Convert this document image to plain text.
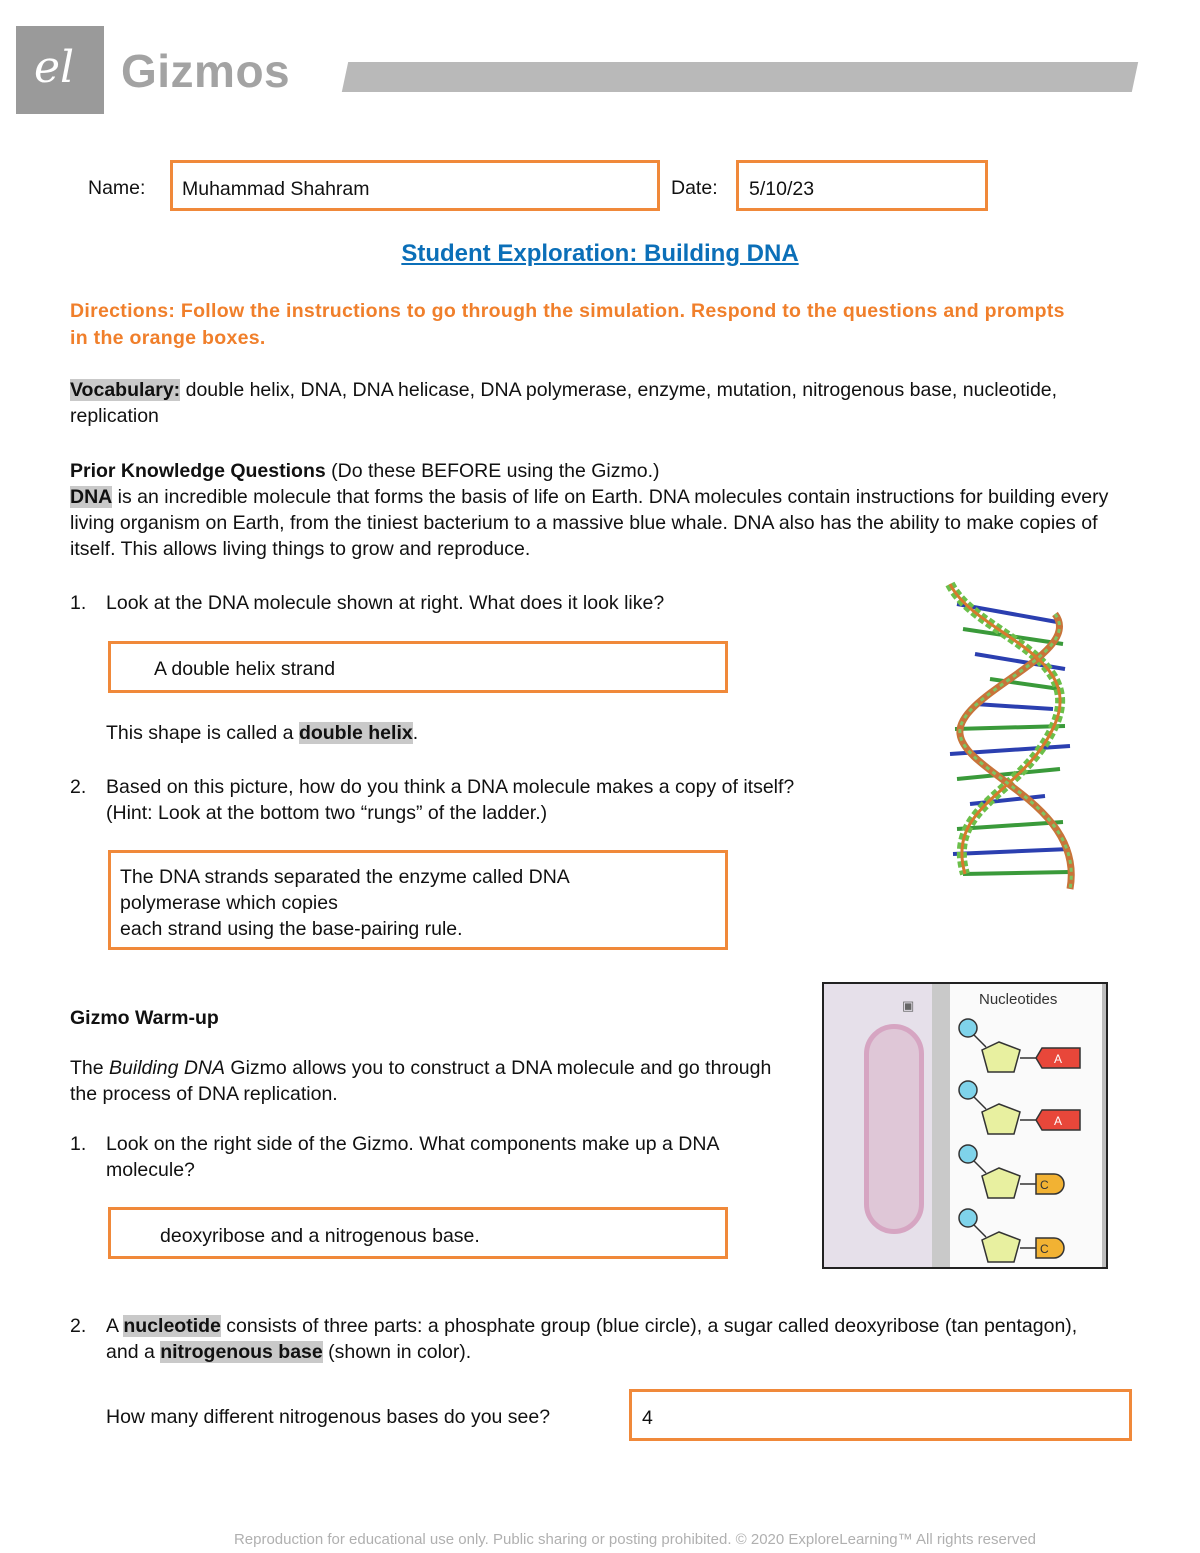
el Gizmos
Name: Muhammad Shahram	Date: 5/10/23
Student Exploration: Building DNA
Directions: Follow the instructions to go through the simulation. Respond to the questions and prompts in the orange boxes.
Vocabulary: double helix, DNA, DNA helicase, DNA polymerase, enzyme, mutation, nitrogenous base, nucleotide, replication
Prior Knowledge Questions (Do these BEFORE using the Gizmo.)
DNA is an incredible molecule that forms the basis of life on Earth. DNA molecules contain instructions for building every living organism on Earth, from the tiniest bacterium to a massive blue whale. DNA also has the ability to make copies of itself. This allows living things to grow and reproduce.
1. Look at the DNA molecule shown at right. What does it look like?
A double helix strand
This shape is called a double helix.
2. Based on this picture, how do you think a DNA molecule makes a copy of itself?
(Hint: Look at the bottom two “rungs” of the ladder.)
The DNA strands separated the enzyme called DNA
polymerase which copies
each strand using the base-pairing rule.
Gizmo Warm-up
The Building DNA Gizmo allows you to construct a DNA molecule and go through the process of DNA replication.
1. Look on the right side of the Gizmo. What components make up a DNA molecule?
deoxyribose and a nitrogenous base.
▣	Nucleotides
A
A
C
C
2. A nucleotide consists of three parts: a phosphate group (blue circle), a sugar called deoxyribose (tan pentagon), and a nitrogenous base (shown in color).
How many different nitrogenous bases do you see?	4
Reproduction for educational use only. Public sharing or posting prohibited. © 2020 ExploreLearning™ All rights reserved
